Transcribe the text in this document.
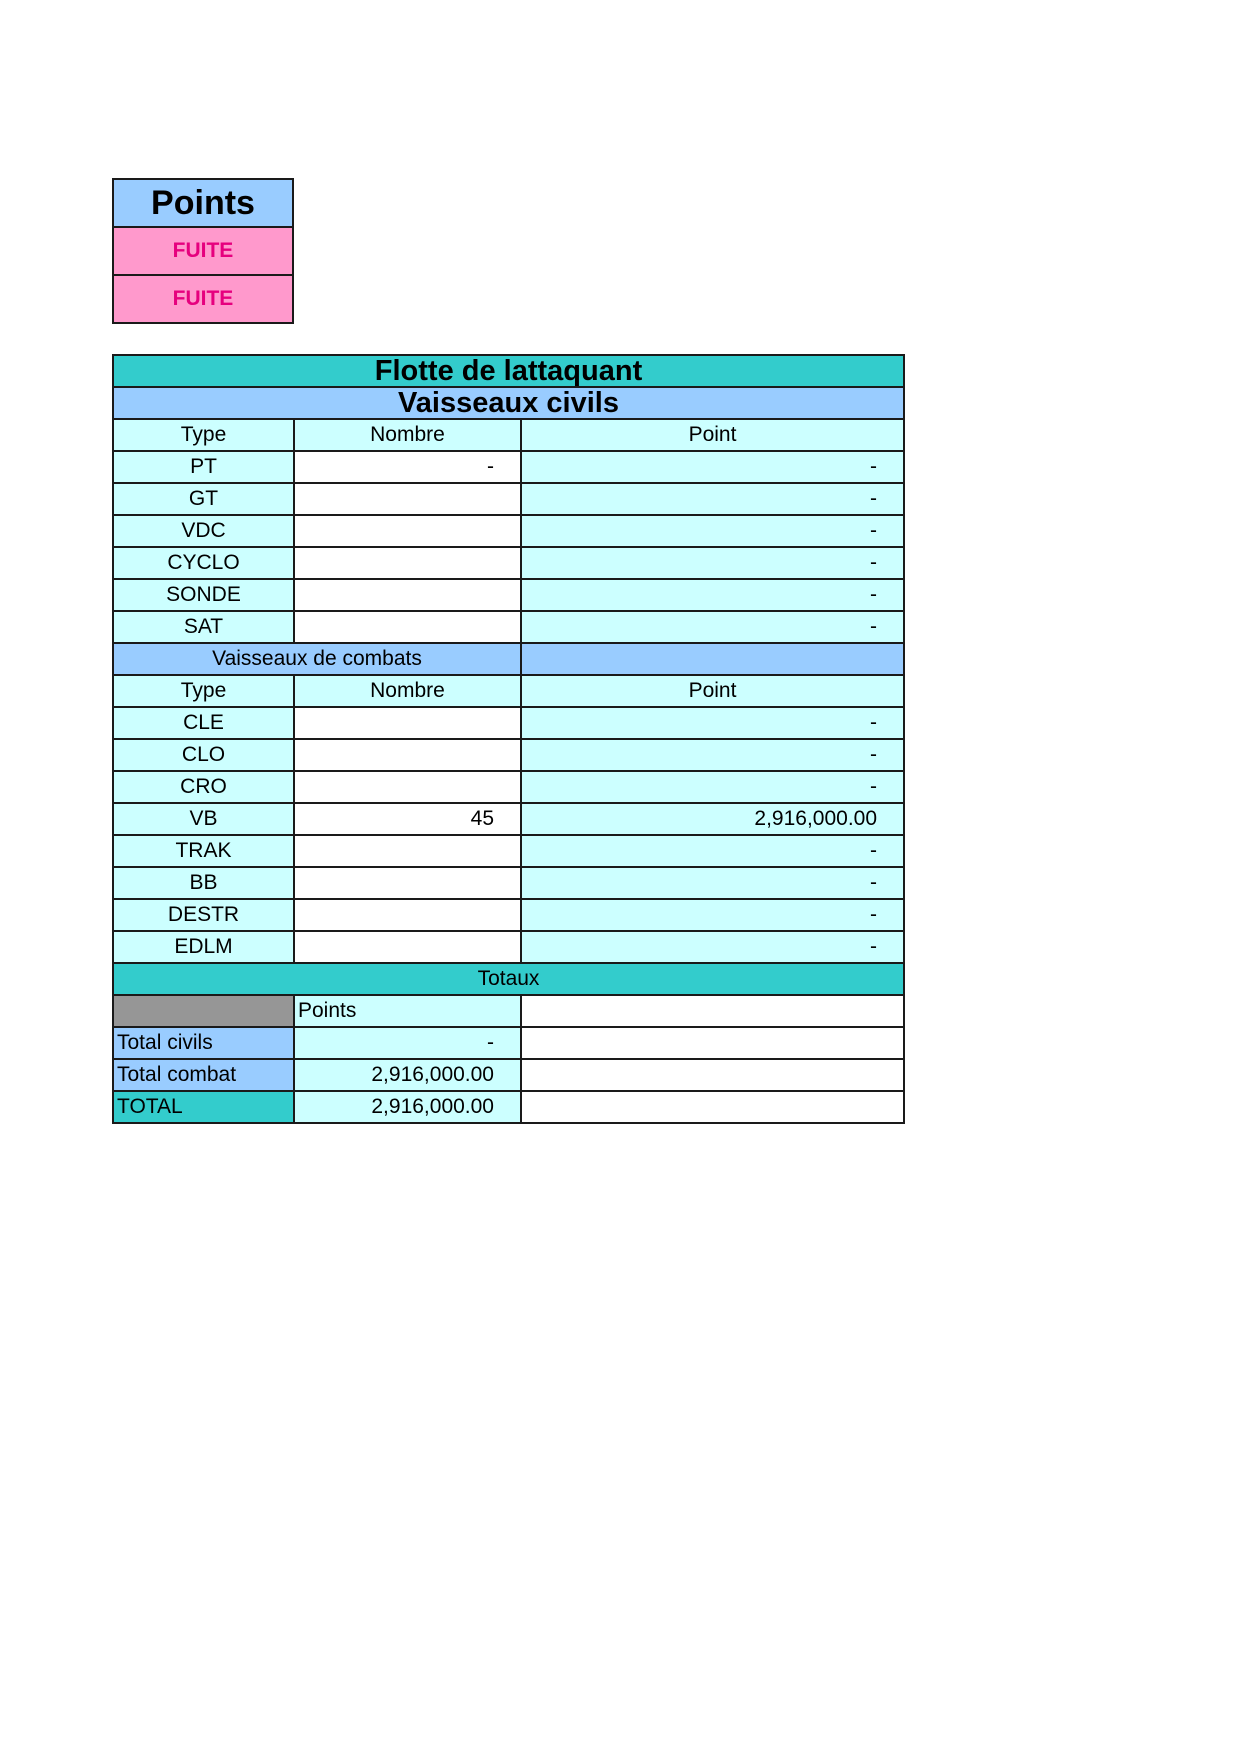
Points
FUITE
FUITE
Flotte de lattaquant		
Vaisseaux civils		
Type	Nombre	Point
PT	-	-
GT		-
VDC		-
CYCLO		-
SONDE		-
SAT		-
Vaisseaux de combats		
Type	Nombre	Point
CLE		-
CLO		-
CRO		-
VB	45	2,916,000.00
TRAK		-
BB		-
DESTR		-
EDLM		-
Totaux		
	Points	
Total civils	-	
Total combat	2,916,000.00	
TOTAL	2,916,000.00	
